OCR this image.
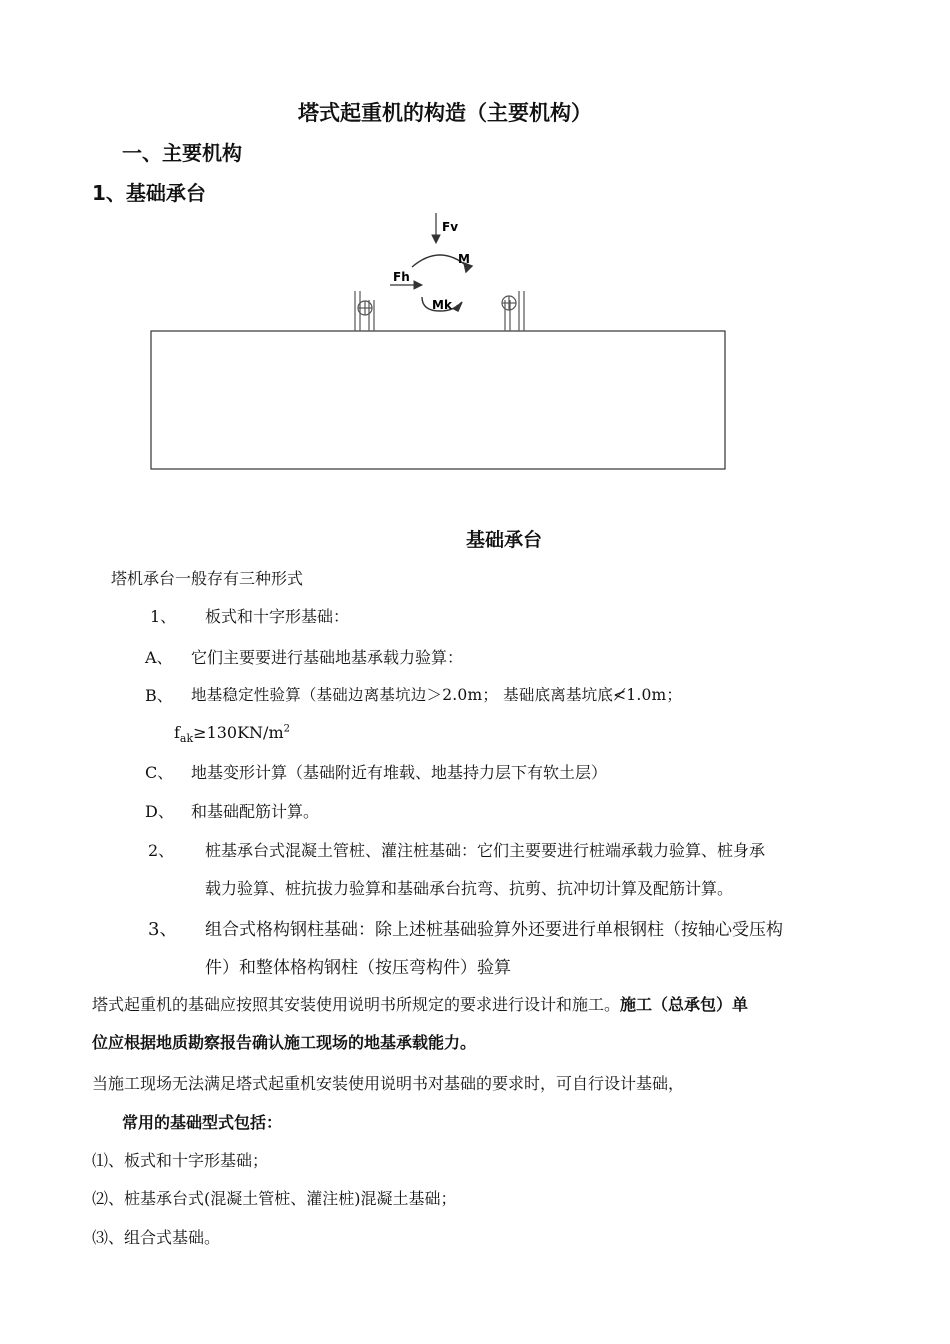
塔式起重机的构造（主要机构）
一、主要机构
1、基础承台
Fv
M
Fh
Mk
基础承台
塔机承台一般存有三种形式
1、 板式和十字形基础：
A、 它们主要要进行基础地基承载力验算：
B、 地基稳定性验算（基础边离基坑边＞2.0m； 基础底离基坑底≮1.0m；
$f_{ak}\ge 130KN/m^2$
C、 地基变形计算（基础附近有堆载、地基持力层下有软土层）
D、 和基础配筋计算。
2、 桩基承台式混凝土管桩、灌注桩基础：它们主要要进行桩端承载力验算、桩身承
载力验算、桩抗拔力验算和基础承台抗弯、抗剪、抗冲切计算及配筋计算。
3、 组合式格构钢柱基础：除上述桩基础验算外还要进行单根钢柱（按轴心受压构
件）和整体格构钢柱（按压弯构件）验算
塔式起重机的基础应按照其安装使用说明书所规定的要求进行设计和施工。施工（总承包）单
位应根据地质勘察报告确认施工现场的地基承载能力。
当施工现场无法满足塔式起重机安装使用说明书对基础的要求时，可自行设计基础，
常用的基础型式包括：
⑴、板式和十字形基础；
⑵、桩基承台式(混凝土管桩、灌注桩)混凝土基础；
⑶、组合式基础。
